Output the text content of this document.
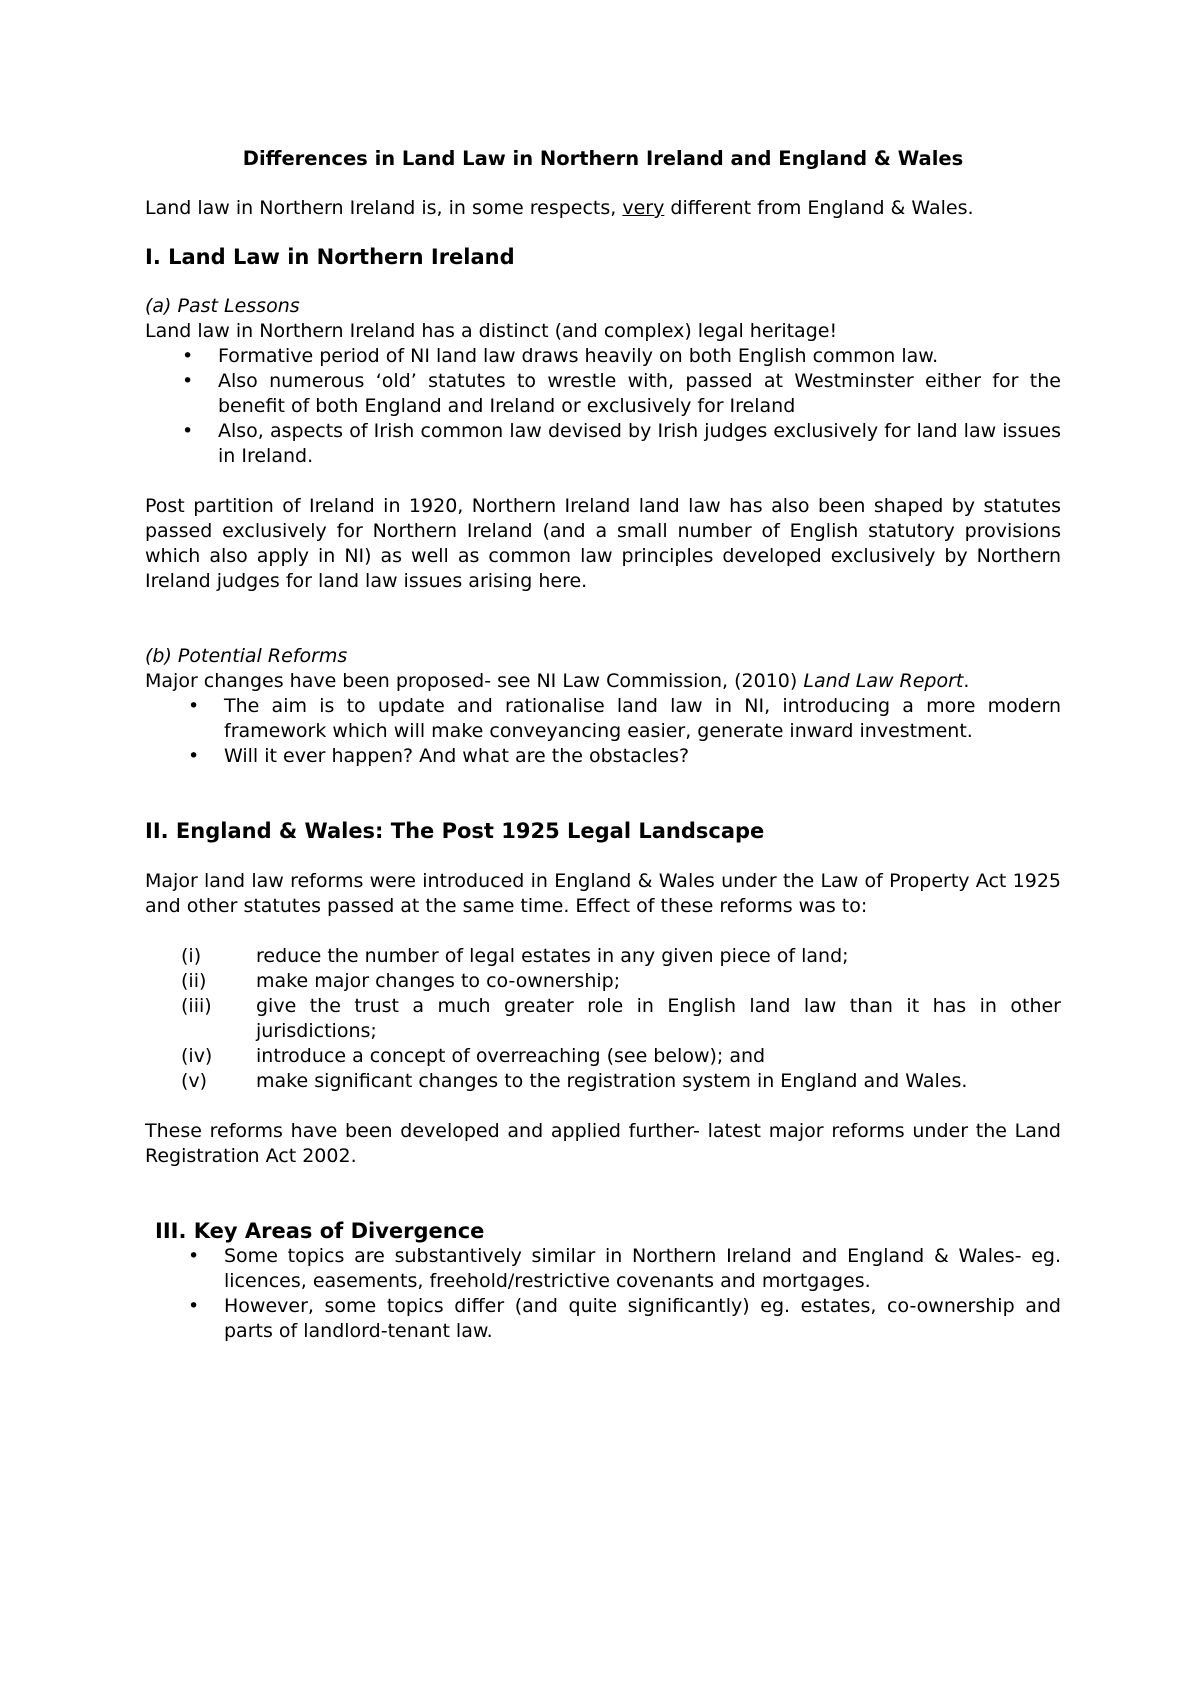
Differences in Land Law in Northern Ireland and England & Wales

Land law in Northern Ireland is, in some respects, very different from England & Wales.

I. Land Law in Northern Ireland

(a) Past Lessons

Land law in Northern Ireland has a distinct (and complex) legal heritage!

• Formative period of NI land law draws heavily on both English common law.
• Also numerous ‘old’ statutes to wrestle with, passed at Westminster either for the benefit of both England and Ireland or exclusively for Ireland
• Also, aspects of Irish common law devised by Irish judges exclusively for land law issues in Ireland.

Post partition of Ireland in 1920, Northern Ireland land law has also been shaped by statutes passed exclusively for Northern Ireland (and a small number of English statutory provisions which also apply in NI) as well as common law principles developed exclusively by Northern Ireland judges for land law issues arising here.

(b) Potential Reforms

Major changes have been proposed- see NI Law Commission, (2010) Land Law Report.

• The aim is to update and rationalise land law in NI, introducing a more modern framework which will make conveyancing easier, generate inward investment.
• Will it ever happen? And what are the obstacles?
II. England & Wales: The Post 1925 Legal Landscape

Major land law reforms were introduced in England & Wales under the Law of Property Act 1925 and other statutes passed at the same time. Effect of these reforms was to:

(i)	reduce the number of legal estates in any given piece of land;
(ii)	make major changes to co-ownership;
(iii) give the trust a much greater role in English land law than it has in other jurisdictions;
(iv) introduce a concept of overreaching (see below); and
(v)	make significant changes to the registration system in England and Wales.

These reforms have been developed and applied further- latest major reforms under the Land Registration Act 2002.

III. Key Areas of Divergence
• Some topics are substantively similar in Northern Ireland and England & Wales- eg. licences, easements, freehold/restrictive covenants and mortgages.
• However, some topics differ (and quite significantly) eg. estates, co-ownership and parts of landlord-tenant law.
